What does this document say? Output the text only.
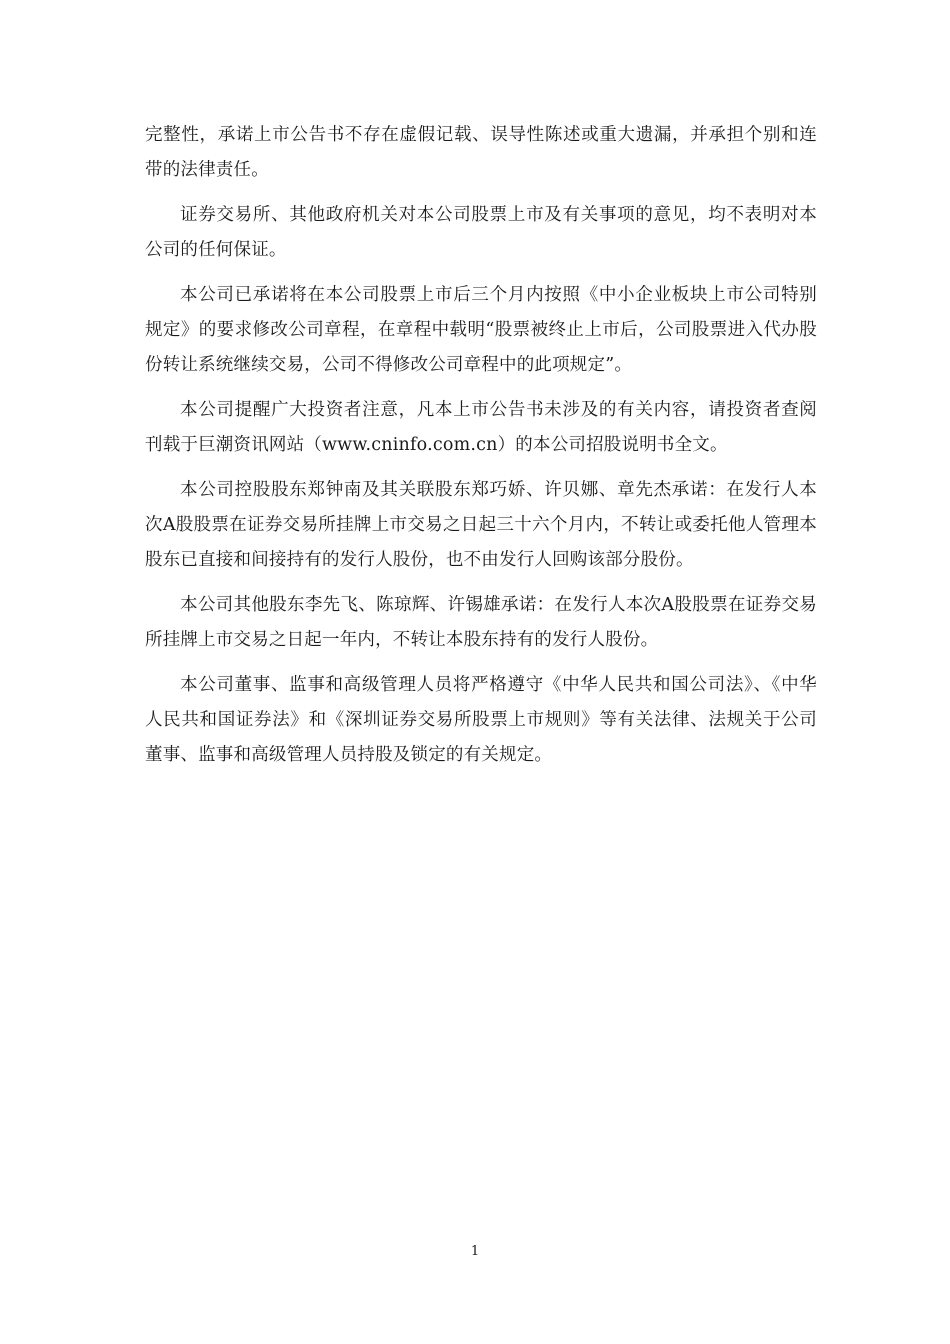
完整性，承诺上市公告书不存在虚假记载、误导性陈述或重大遗漏，并承担个别和连带的法律责任。

证券交易所、其他政府机关对本公司股票上市及有关事项的意见，均不表明对本公司的任何保证。

本公司已承诺将在本公司股票上市后三个月内按照《中小企业板块上市公司特别规定》的要求修改公司章程，在章程中载明“股票被终止上市后，公司股票进入代办股份转让系统继续交易，公司不得修改公司章程中的此项规定”。

本公司提醒广大投资者注意，凡本上市公告书未涉及的有关内容，请投资者查阅刊载于巨潮资讯网站（www.cninfo.com.cn）的本公司招股说明书全文。

本公司控股股东郑钟南及其关联股东郑巧娇、许贝娜、章先杰承诺：在发行人本次A股股票在证券交易所挂牌上市交易之日起三十六个月内，不转让或委托他人管理本股东已直接和间接持有的发行人股份，也不由发行人回购该部分股份。

本公司其他股东李先飞、陈琼辉、许锡雄承诺：在发行人本次A股股票在证券交易所挂牌上市交易之日起一年内，不转让本股东持有的发行人股份。

本公司董事、监事和高级管理人员将严格遵守《中华人民共和国公司法》、《中华人民共和国证券法》和《深圳证券交易所股票上市规则》等有关法律、法规关于公司董事、监事和高级管理人员持股及锁定的有关规定。

1
